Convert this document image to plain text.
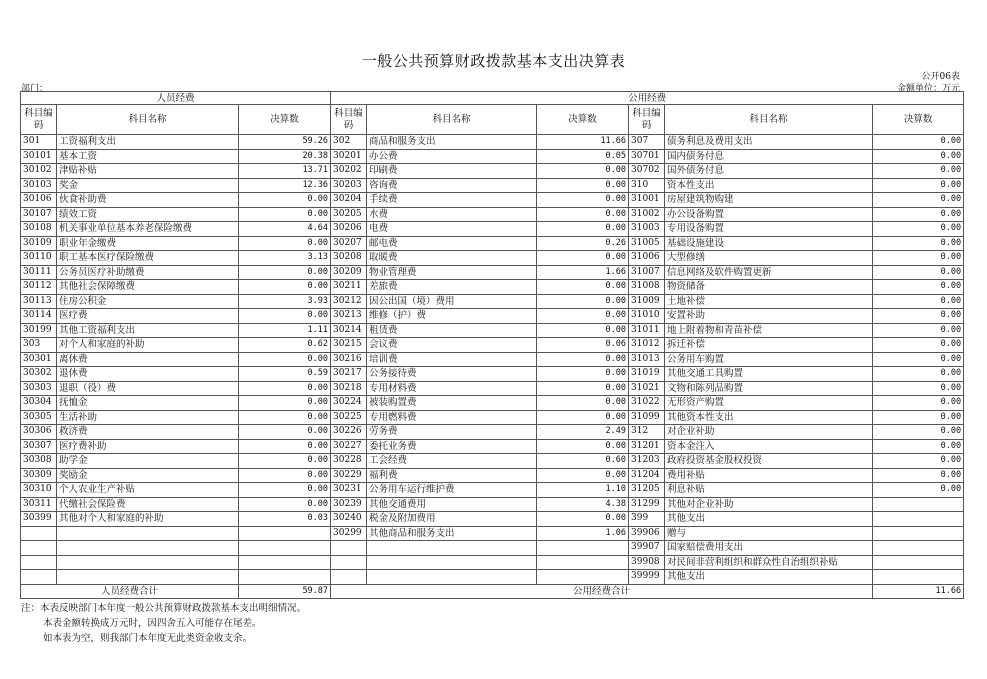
一般公共预算财政拨款基本支出决算表
公开06表
部门：	金额单位：万元
人员经费			公用经费					
科目编码	科目名称	决算数	科目编码	科目名称	决算数	科目编码	科目名称	决算数
301	工资福利支出	59.26	302	商品和服务支出	11.66	307	债务利息及费用支出	0.00
30101	基本工资	20.38	30201	办公费	0.05	30701	国内债务付息	0.00
30102	津贴补贴	13.71	30202	印刷费	0.00	30702	国外债务付息	0.00
30103	奖金	12.36	30203	咨询费	0.00	310	资本性支出	0.00
30106	伙食补助费	0.00	30204	手续费	0.00	31001	房屋建筑物购建	0.00
30107	绩效工资	0.00	30205	水费	0.00	31002	办公设备购置	0.00
30108	机关事业单位基本养老保险缴费	4.64	30206	电费	0.00	31003	专用设备购置	0.00
30109	职业年金缴费	0.00	30207	邮电费	0.26	31005	基础设施建设	0.00
30110	职工基本医疗保险缴费	3.13	30208	取暖费	0.00	31006	大型修缮	0.00
30111	公务员医疗补助缴费	0.00	30209	物业管理费	1.66	31007	信息网络及软件购置更新	0.00
30112	其他社会保障缴费	0.00	30211	差旅费	0.00	31008	物资储备	0.00
30113	住房公积金	3.93	30212	因公出国（境）费用	0.00	31009	土地补偿	0.00
30114	医疗费	0.00	30213	维修（护）费	0.00	31010	安置补助	0.00
30199	其他工资福利支出	1.11	30214	租赁费	0.00	31011	地上附着物和青苗补偿	0.00
303	对个人和家庭的补助	0.62	30215	会议费	0.06	31012	拆迁补偿	0.00
30301	离休费	0.00	30216	培训费	0.00	31013	公务用车购置	0.00
30302	退休费	0.59	30217	公务接待费	0.00	31019	其他交通工具购置	0.00
30303	退职（役）费	0.00	30218	专用材料费	0.00	31021	文物和陈列品购置	0.00
30304	抚恤金	0.00	30224	被装购置费	0.00	31022	无形资产购置	0.00
30305	生活补助	0.00	30225	专用燃料费	0.00	31099	其他资本性支出	0.00
30306	救济费	0.00	30226	劳务费	2.49	312	对企业补助	0.00
30307	医疗费补助	0.00	30227	委托业务费	0.00	31201	资本金注入	0.00
30308	助学金	0.00	30228	工会经费	0.60	31203	政府投资基金股权投资	0.00
30309	奖励金	0.00	30229	福利费	0.00	31204	费用补贴	0.00
30310	个人农业生产补贴	0.00	30231	公务用车运行维护费	1.10	31205	利息补贴	0.00
30311	代缴社会保险费	0.00	30239	其他交通费用	4.38	31299	其他对企业补助	
30399	其他对个人和家庭的补助	0.03	30240	税金及附加费用	0.00	399	其他支出	
			30299	其他商品和服务支出	1.06	39906	赠与	
						39907	国家赔偿费用支出	
						39908	对民间非营利组织和群众性自治组织补贴	
						39999	其他支出	
人员经费合计		59.87	公用经费合计					11.66
注：本表反映部门本年度一般公共预算财政拨款基本支出明细情况。
本表金额转换成万元时，因四舍五入可能存在尾差。
如本表为空，则我部门本年度无此类资金收支余。
